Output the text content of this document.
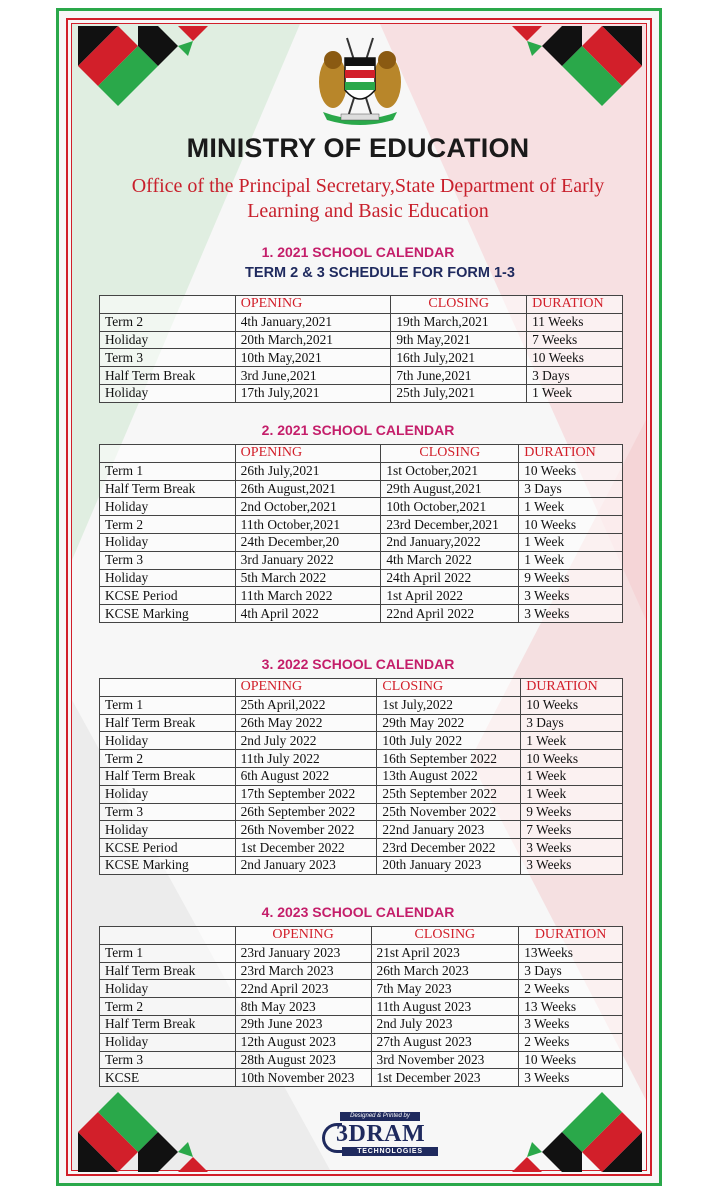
MINISTRY OF EDUCATION
Office of the Principal Secretary,State Department of Early
Learning and Basic Education
1. 2021 SCHOOL CALENDAR
TERM 2 & 3 SCHEDULE FOR FORM 1-3
	OPENING	CLOSING	DURATION
Term 2	4th January,2021	19th March,2021	11 Weeks
Holiday	20th March,2021	9th May,2021	7 Weeks
Term 3	10th May,2021	16th July,2021	10 Weeks
Half Term Break	3rd June,2021	7th June,2021	3 Days
Holiday	17th July,2021	25th July,2021	1 Week
2. 2021 SCHOOL CALENDAR
	OPENING	CLOSING	DURATION
Term 1	26th July,2021	1st October,2021	10 Weeks
Half Term Break	26th August,2021	29th August,2021	3 Days
Holiday	2nd October,2021	10th October,2021	1 Week
Term 2	11th October,2021	23rd December,2021	10 Weeks
Holiday	24th December,20	2nd January,2022	1 Week
Term 3	3rd January 2022	4th March 2022	1 Week
Holiday	5th March 2022	24th April 2022	9 Weeks
KCSE Period	11th March 2022	1st April 2022	3 Weeks
KCSE Marking	4th April 2022	22nd April 2022	3 Weeks
3. 2022 SCHOOL CALENDAR
	OPENING	CLOSING	DURATION
Term 1	25th April,2022	1st July,2022	10 Weeks
Half Term Break	26th May 2022	29th May 2022	3 Days
Holiday	2nd July 2022	10th July 2022	1 Week
Term 2	11th July 2022	16th September 2022	10 Weeks
Half Term Break	6th August 2022	13th August 2022	1 Week
Holiday	17th September 2022	25th September 2022	1 Week
Term 3	26th September 2022	25th November 2022	9 Weeks
Holiday	26th November 2022	22nd January 2023	7 Weeks
KCSE Period	1st December 2022	23rd December 2022	3 Weeks
KCSE Marking	2nd January 2023	20th January 2023	3 Weeks
4. 2023 SCHOOL CALENDAR
	OPENING	CLOSING	DURATION
Term 1	23rd January 2023	21st April 2023	13Weeks
Half Term Break	23rd March 2023	26th March 2023	3 Days
Holiday	22nd April 2023	7th May 2023	2 Weeks
Term 2	8th May 2023	11th August 2023	13 Weeks
Half Term Break	29th June 2023	2nd July 2023	3 Weeks
Holiday	12th August 2023	27th August 2023	2 Weeks
Term 3	28th August 2023	3rd November 2023	10 Weeks
KCSE	10th November 2023	1st December 2023	3 Weeks
Designed & Printed by
3DRAM
TECHNOLOGIES
